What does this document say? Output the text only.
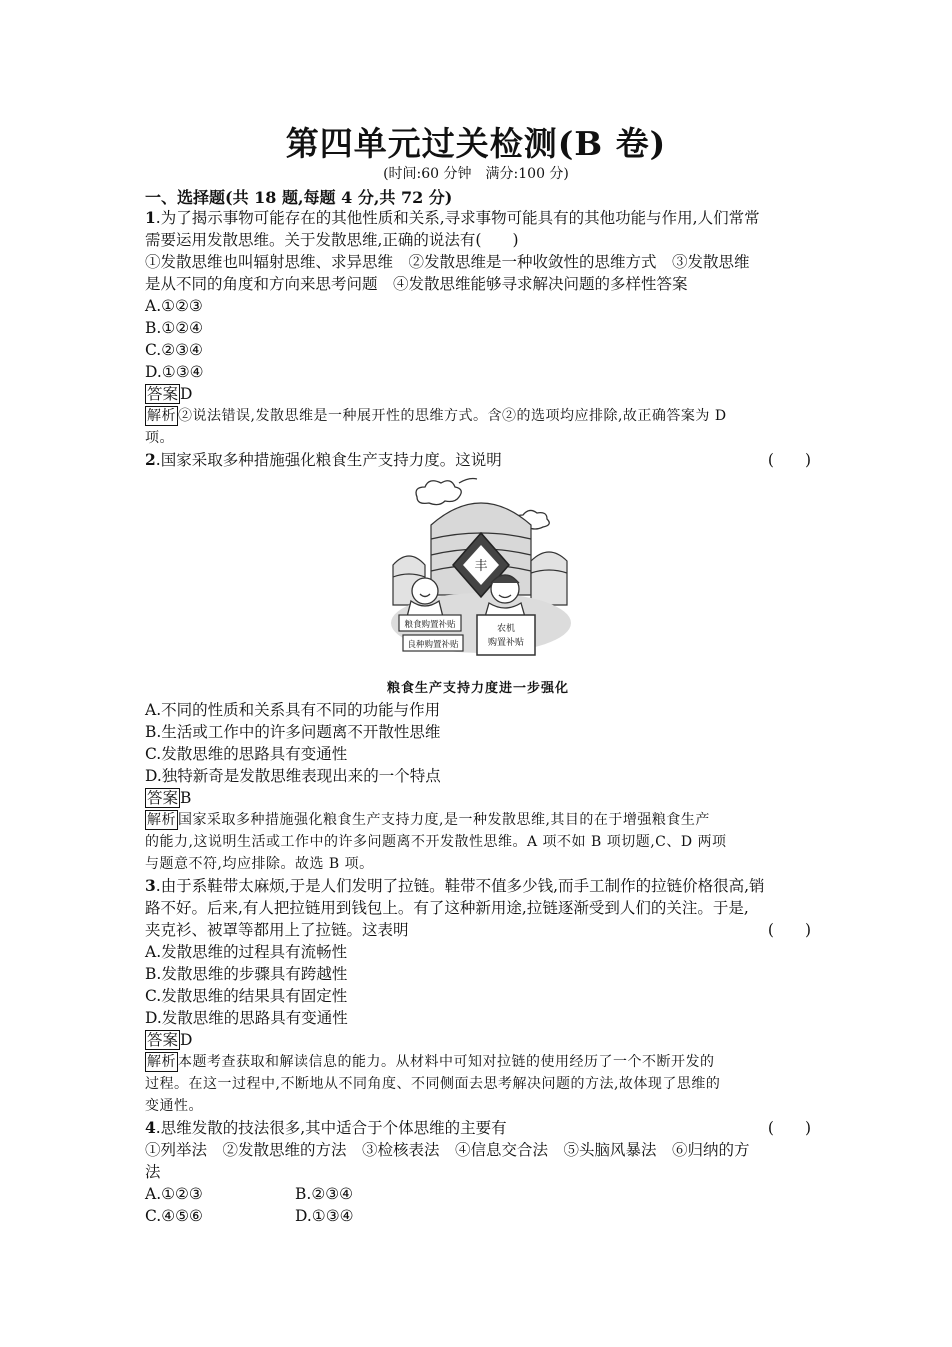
第四单元过关检测(B 卷)
(时间:60 分钟　满分:100 分)
一、选择题(共 18 题,每题 4 分,共 72 分)
1.为了揭示事物可能存在的其他性质和关系,寻求事物可能具有的其他功能与作用,人们常常
需要运用发散思维。关于发散思维,正确的说法有(　　)
①发散思维也叫辐射思维、求异思维　②发散思维是一种收敛性的思维方式　③发散思维
是从不同的角度和方向来思考问题　④发散思维能够寻求解决问题的多样性答案
A.①②③
B.①②④
C.②③④
D.①③④
答案 D
解析 ②说法错误,发散思维是一种展开性的思维方式。含②的选项均应排除,故正确答案为 D
项。
2.国家采取多种措施强化粮食生产支持力度。这说明	(　　)
丰
粮食购置补贴
良种购置补贴
农机
购置补贴
粮食生产支持力度进一步强化
A.不同的性质和关系具有不同的功能与作用
B.生活或工作中的许多问题离不开散性思维
C.发散思维的思路具有变通性
D.独特新奇是发散思维表现出来的一个特点
答案 B
解析 国家采取多种措施强化粮食生产支持力度,是一种发散思维,其目的在于增强粮食生产
的能力,这说明生活或工作中的许多问题离不开发散性思维。A 项不如 B 项切题,C、D 两项
与题意不符,均应排除。故选 B 项。
3.由于系鞋带太麻烦,于是人们发明了拉链。鞋带不值多少钱,而手工制作的拉链价格很高,销
路不好。后来,有人把拉链用到钱包上。有了这种新用途,拉链逐渐受到人们的关注。于是,
夹克衫、被罩等都用上了拉链。这表明	(　　)
A.发散思维的过程具有流畅性
B.发散思维的步骤具有跨越性
C.发散思维的结果具有固定性
D.发散思维的思路具有变通性
答案 D
解析 本题考查获取和解读信息的能力。从材料中可知对拉链的使用经历了一个不断开发的
过程。在这一过程中,不断地从不同角度、不同侧面去思考解决问题的方法,故体现了思维的
变通性。
4.思维发散的技法很多,其中适合于个体思维的主要有	(　　)
①列举法　②发散思维的方法　③检核表法　④信息交合法　⑤头脑风暴法　⑥归纳的方
法
A.①②③	B.②③④
C.④⑤⑥	D.①③④
